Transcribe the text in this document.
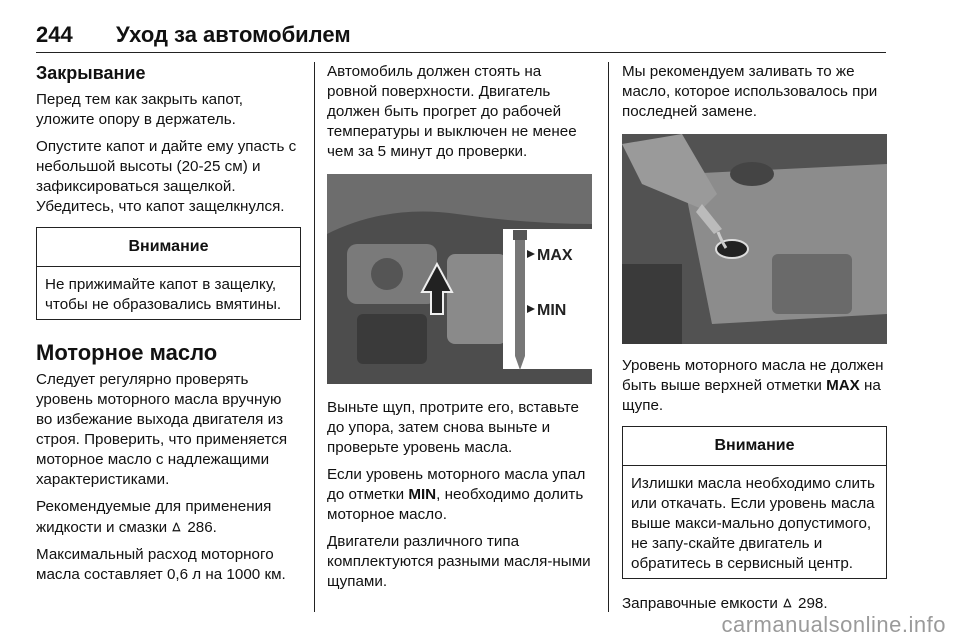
244 Уход за автомобилем
Закрывание

Перед тем как закрыть капот, уложите опору в держатель.

Опустите капот и дайте ему упасть с небольшой высоты (20-25 см) и зафиксироваться защелкой. Убедитесь, что капот защелкнулся.

Внимание
Не прижимайте капот в защелку, чтобы не образовались вмятины.
Моторное масло

Следует регулярно проверять уровень моторного масла вручную во избежание выхода двигателя из строя. Проверить, что применяется моторное масло с надлежащими характеристиками.

Рекомендуемые для применения жидкости и смазки ⊲ 286.

Максимальный расход моторного масла составляет 0,6 л на 1000 км.

Автомобиль должен стоять на ровной поверхности. Двигатель должен быть прогрет до рабочей температуры и выключен не менее чем за 5 минут до проверки.

MAX
MIN

Выньте щуп, протрите его, вставьте до упора, затем снова выньте и проверьте уровень масла.

Если уровень моторного масла упал до отметки MIN, необходимо долить моторное масло.

Двигатели различного типа комплектуются разными масля-ными щупами.

Мы рекомендуем заливать то же масло, которое использовалось при последней замене.

Уровень моторного масла не должен быть выше верхней отметки MAX на щупе.

Внимание
Излишки масла необходимо слить или откачать. Если уровень масла выше макси-мально допустимого, не запу-скайте двигатель и обратитесь в сервисный центр.

Заправочные емкости ⊲ 298.

carmanualsonline.info
